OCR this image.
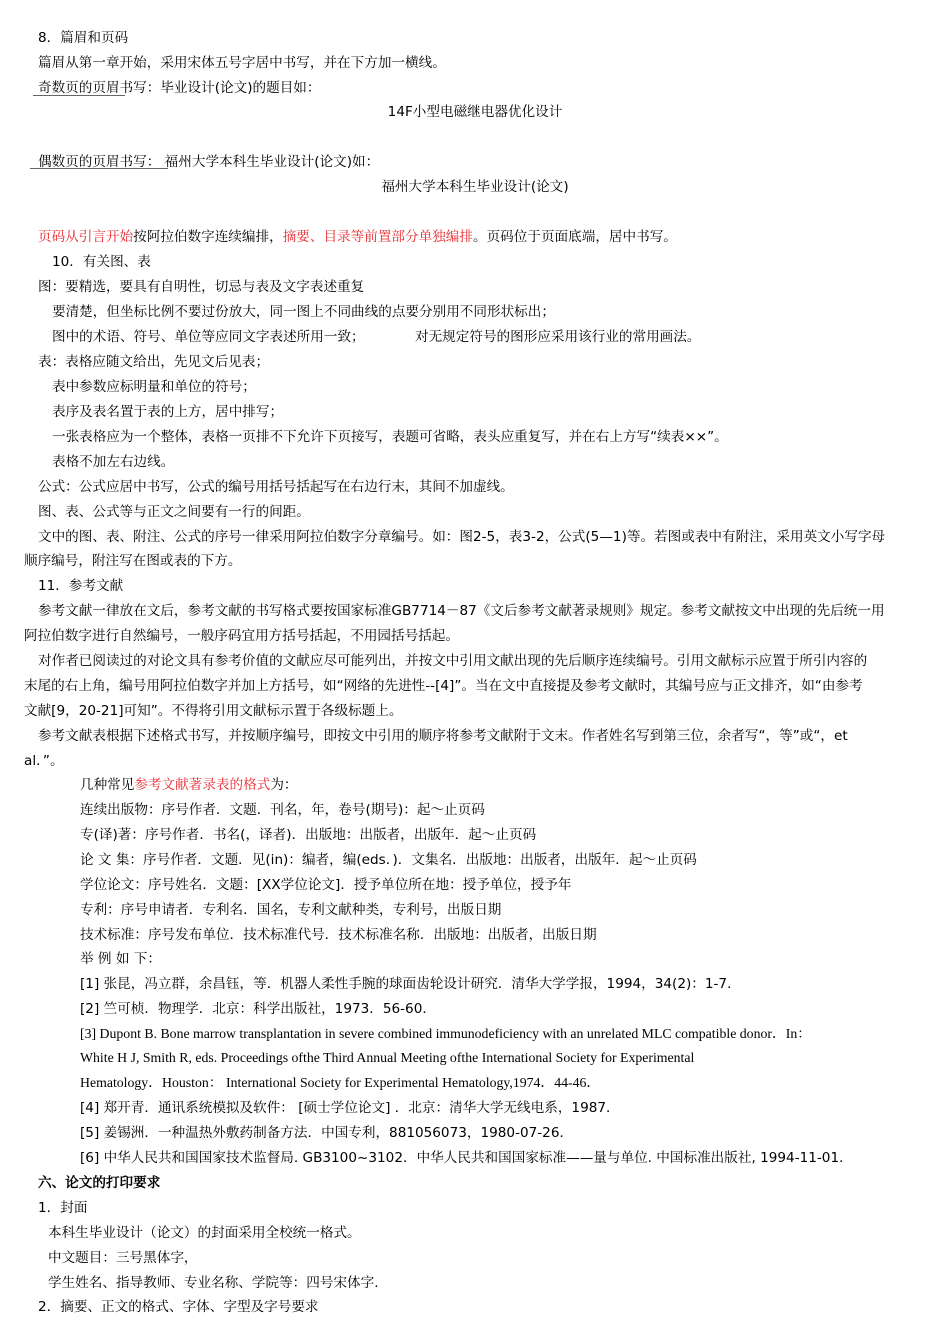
8．篇眉和页码
篇眉从第一章开始，采用宋体五号字居中书写，并在下方加一横线。
奇数页的页眉书写：毕业设计(论文)的题目如：
14F小型电磁继电器优化设计
偶数页的页眉书写： 福州大学本科生毕业设计(论文)如：
福州大学本科生毕业设计(论文)
页码从引言开始按阿拉伯数字连续编排，摘要、目录等前置部分单独编排。页码位于页面底端，居中书写。
10．有关图、表
图：要精选，要具有自明性，切忌与表及文字表述重复
要清楚，但坐标比例不要过份放大，同一图上不同曲线的点要分别用不同形状标出；
图中的术语、符号、单位等应同文字表述所用一致；	对无规定符号的图形应采用该行业的常用画法。
表：表格应随文给出，先见文后见表；
表中参数应标明量和单位的符号；
表序及表名置于表的上方，居中排写；
一张表格应为一个整体，表格一页排不下允许下页接写，表题可省略，表头应重复写，并在右上方写“续表××”。
表格不加左右边线。
公式：公式应居中书写，公式的编号用括号括起写在右边行末，其间不加虚线。
图、表、公式等与正文之间要有一行的间距。
文中的图、表、附注、公式的序号一律采用阿拉伯数字分章编号。如：图2-5，表3-2，公式(5—1)等。若图或表中有附注，采用英文小写字母
顺序编号，附注写在图或表的下方。
11．参考文献
参考文献一律放在文后，参考文献的书写格式要按国家标准GB7714－87《文后参考文献著录规则》规定。参考文献按文中出现的先后统一用
阿拉伯数字进行自然编号，一般序码宜用方括号括起，不用园括号括起。
对作者已阅读过的对论文具有参考价值的文献应尽可能列出，并按文中引用文献出现的先后顺序连续编号。引用文献标示应置于所引内容的
末尾的右上角，编号用阿拉伯数字并加上方括号，如“网络的先进性--[4]”。当在文中直接提及参考文献时，其编号应与正文排齐，如“由参考
文献[9，20-21]可知”。不得将引用文献标示置于各级标题上。
参考文献表根据下述格式书写，并按顺序编号，即按文中引用的顺序将参考文献附于文末。作者姓名写到第三位，余者写“，等”或“，et
al．”。
几种常见参考文献著录表的格式为：
连续出版物：序号作者．文题．刊名，年，卷号(期号)：起～止页码
专(译)著：序号作者．书名(，译者)．出版地：出版者，出版年．起～止页码
论 文 集：序号作者．文题．见(in)：编者，编(eds．)．文集名．出版地：出版者，出版年．起～止页码
学位论文：序号姓名．文题：[XX学位论文]．授予单位所在地：授予单位，授予年
专利：序号申请者．专利名．国名，专利文献种类，专利号，出版日期
技术标准：序号发布单位．技术标准代号．技术标准名称．出版地：出版者，出版日期
举 例 如 下：
[1] 张昆，冯立群，余昌钰，等．机器人柔性手腕的球面齿轮设计研究．清华大学学报，1994，34(2)：1-7．
[2] 竺可桢．物理学．北京：科学出版社，1973．56-60．
[3] Dupont B. Bone marrow transplantation in severe combined immunodeficiency with an unrelated MLC compatible donor．In：
White H J, Smith R, eds. Proceedings ofthe Third Annual Meeting ofthe International Society for Experimental
Hematology．Houston： International Society for Experimental Hematology,1974．44-46．
[4] 郑开青．通讯系统模拟及软件： [硕士学位论文] ．北京：清华大学无线电系，1987．
[5] 姜锡洲．一种温热外敷药制备方法．中国专利，881056073，1980-07-26．
[6] 中华人民共和国国家技术监督局. GB3100~3102．中华人民共和国国家标准——量与单位. 中国标准出版社, 1994-11-01．
六、论文的打印要求
1．封面
本科生毕业设计（论文）的封面采用全校统一格式。
中文题目：三号黑体字，
学生姓名、指导教师、专业名称、学院等：四号宋体字.
2．摘要、正文的格式、字体、字型及字号要求
